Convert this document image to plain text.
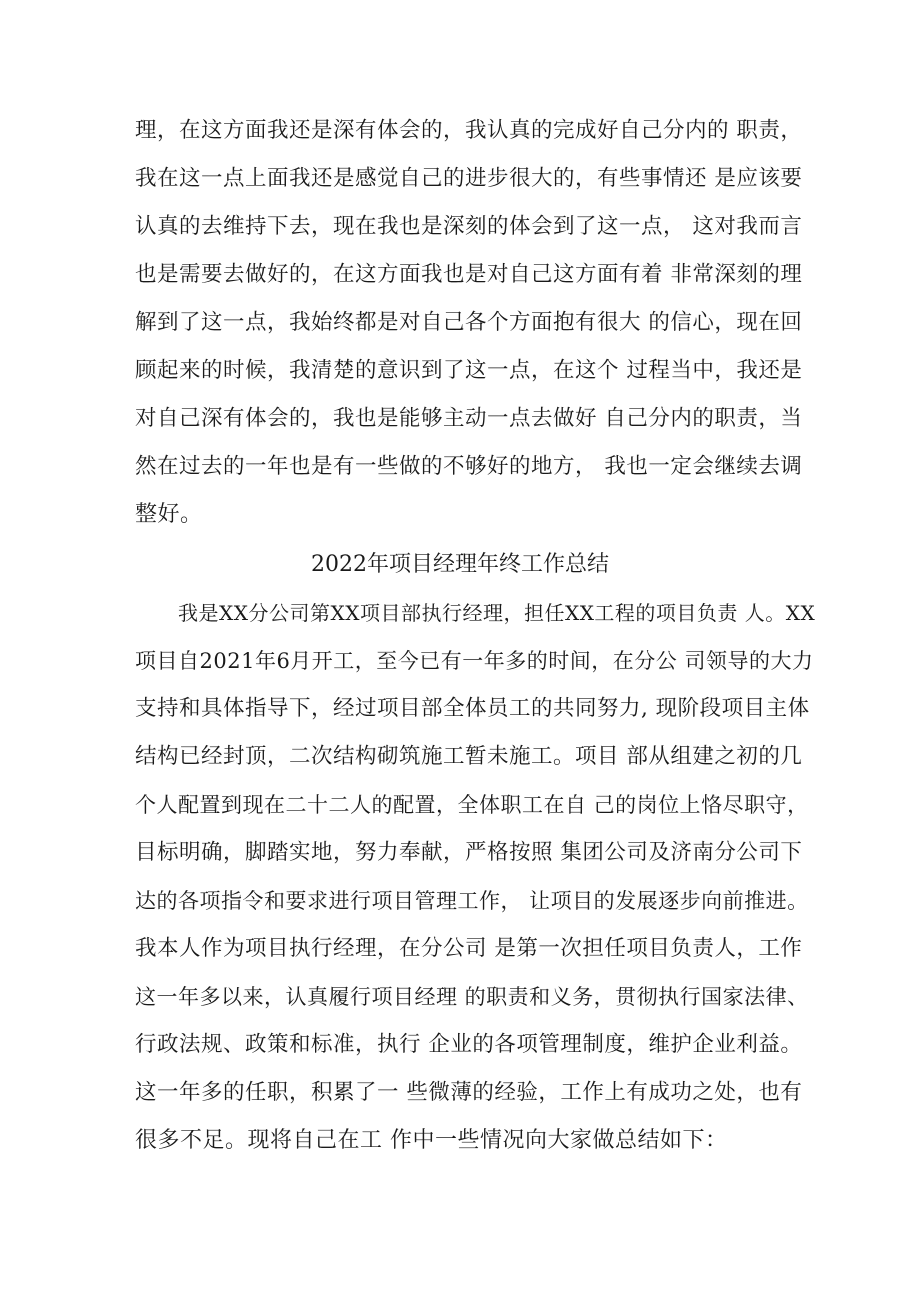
理，在这方面我还是深有体会的，我认真的完成好自己分内的 职责，
我在这一点上面我还是感觉自己的进步很大的，有些事情还 是应该要
认真的去维持下去，现在我也是深刻的体会到了这一点， 这对我而言
也是需要去做好的，在这方面我也是对自己这方面有着 非常深刻的理
解到了这一点，我始终都是对自己各个方面抱有很大 的信心，现在回
顾起来的时候，我清楚的意识到了这一点，在这个 过程当中，我还是
对自己深有体会的，我也是能够主动一点去做好 自己分内的职责，当
然在过去的一年也是有一些做的不够好的地方， 我也一定会继续去调
整好。
2022年项目经理年终工作总结
我是XX分公司第XX项目部执行经理，担任XX工程的项目负责 人。XX
项目自2021年6月开工，至今已有一年多的时间，在分公 司领导的大力
支持和具体指导下，经过项目部全体员工的共同努力, 现阶段项目主体
结构已经封顶，二次结构砌筑施工暂未施工。项目 部从组建之初的几
个人配置到现在二十二人的配置，全体职工在自 己的岗位上恪尽职守，
目标明确，脚踏实地，努力奉献，严格按照 集团公司及济南分公司下
达的各项指令和要求进行项目管理工作， 让项目的发展逐步向前推进。
我本人作为项目执行经理，在分公司 是第一次担任项目负责人，工作
这一年多以来，认真履行项目经理 的职责和义务，贯彻执行国家法律、
行政法规、政策和标准，执行 企业的各项管理制度，维护企业利益。
这一年多的任职，积累了一 些微薄的经验，工作上有成功之处，也有
很多不足。现将自己在工 作中一些情况向大家做总结如下：
